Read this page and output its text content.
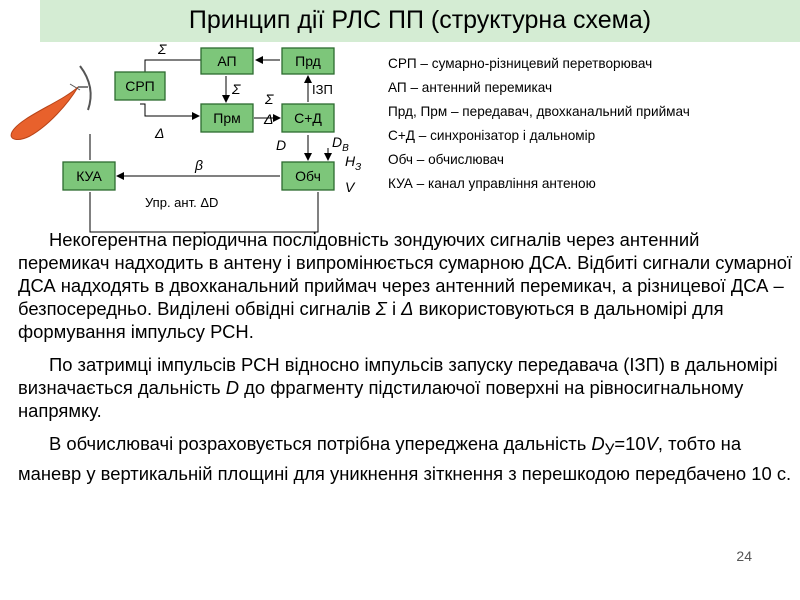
Принцип дії РЛС ПП (структурна схема)
СРП
АП	Прд
Прм	С+Д
КУА	Обч
Σ
Σ
Σ
Δ
Δ
ІЗП
D	$D_В$
$H_З$
V
β
Упр. ант. ΔD
СРП – сумарно-різницевий перетворювач
АП – антенний перемикач
Прд, Прм – передавач, двохканальний приймач
С+Д – синхронізатор і дальномір
Обч – обчислювач
КУА – канал управління антеною

Некогерентна періодична послідовність зондуючих сигналів через антенний перемикач надходить в антену і випромінюється сумарною ДСА. Відбиті сигнали сумарної ДСА надходять в двохканальний приймач через антенний перемикач, а різницевої ДСА – безпосередньо. Виділені обвідні сигналів Σ і Δ використовуються в дальномірі для формування імпульсу РСН.

По затримці імпульсів РСН відносно імпульсів запуску передавача (ІЗП) в дальномірі визначається дальність D до фрагменту підстилаючої поверхні на рівносигнальному напрямку.

В обчислювачі розраховується потрібна упереджена дальність $D_У=10V$, тобто на маневр у вертикальній площині для уникнення зіткнення з перешкодою передбачено 10 с.

24
